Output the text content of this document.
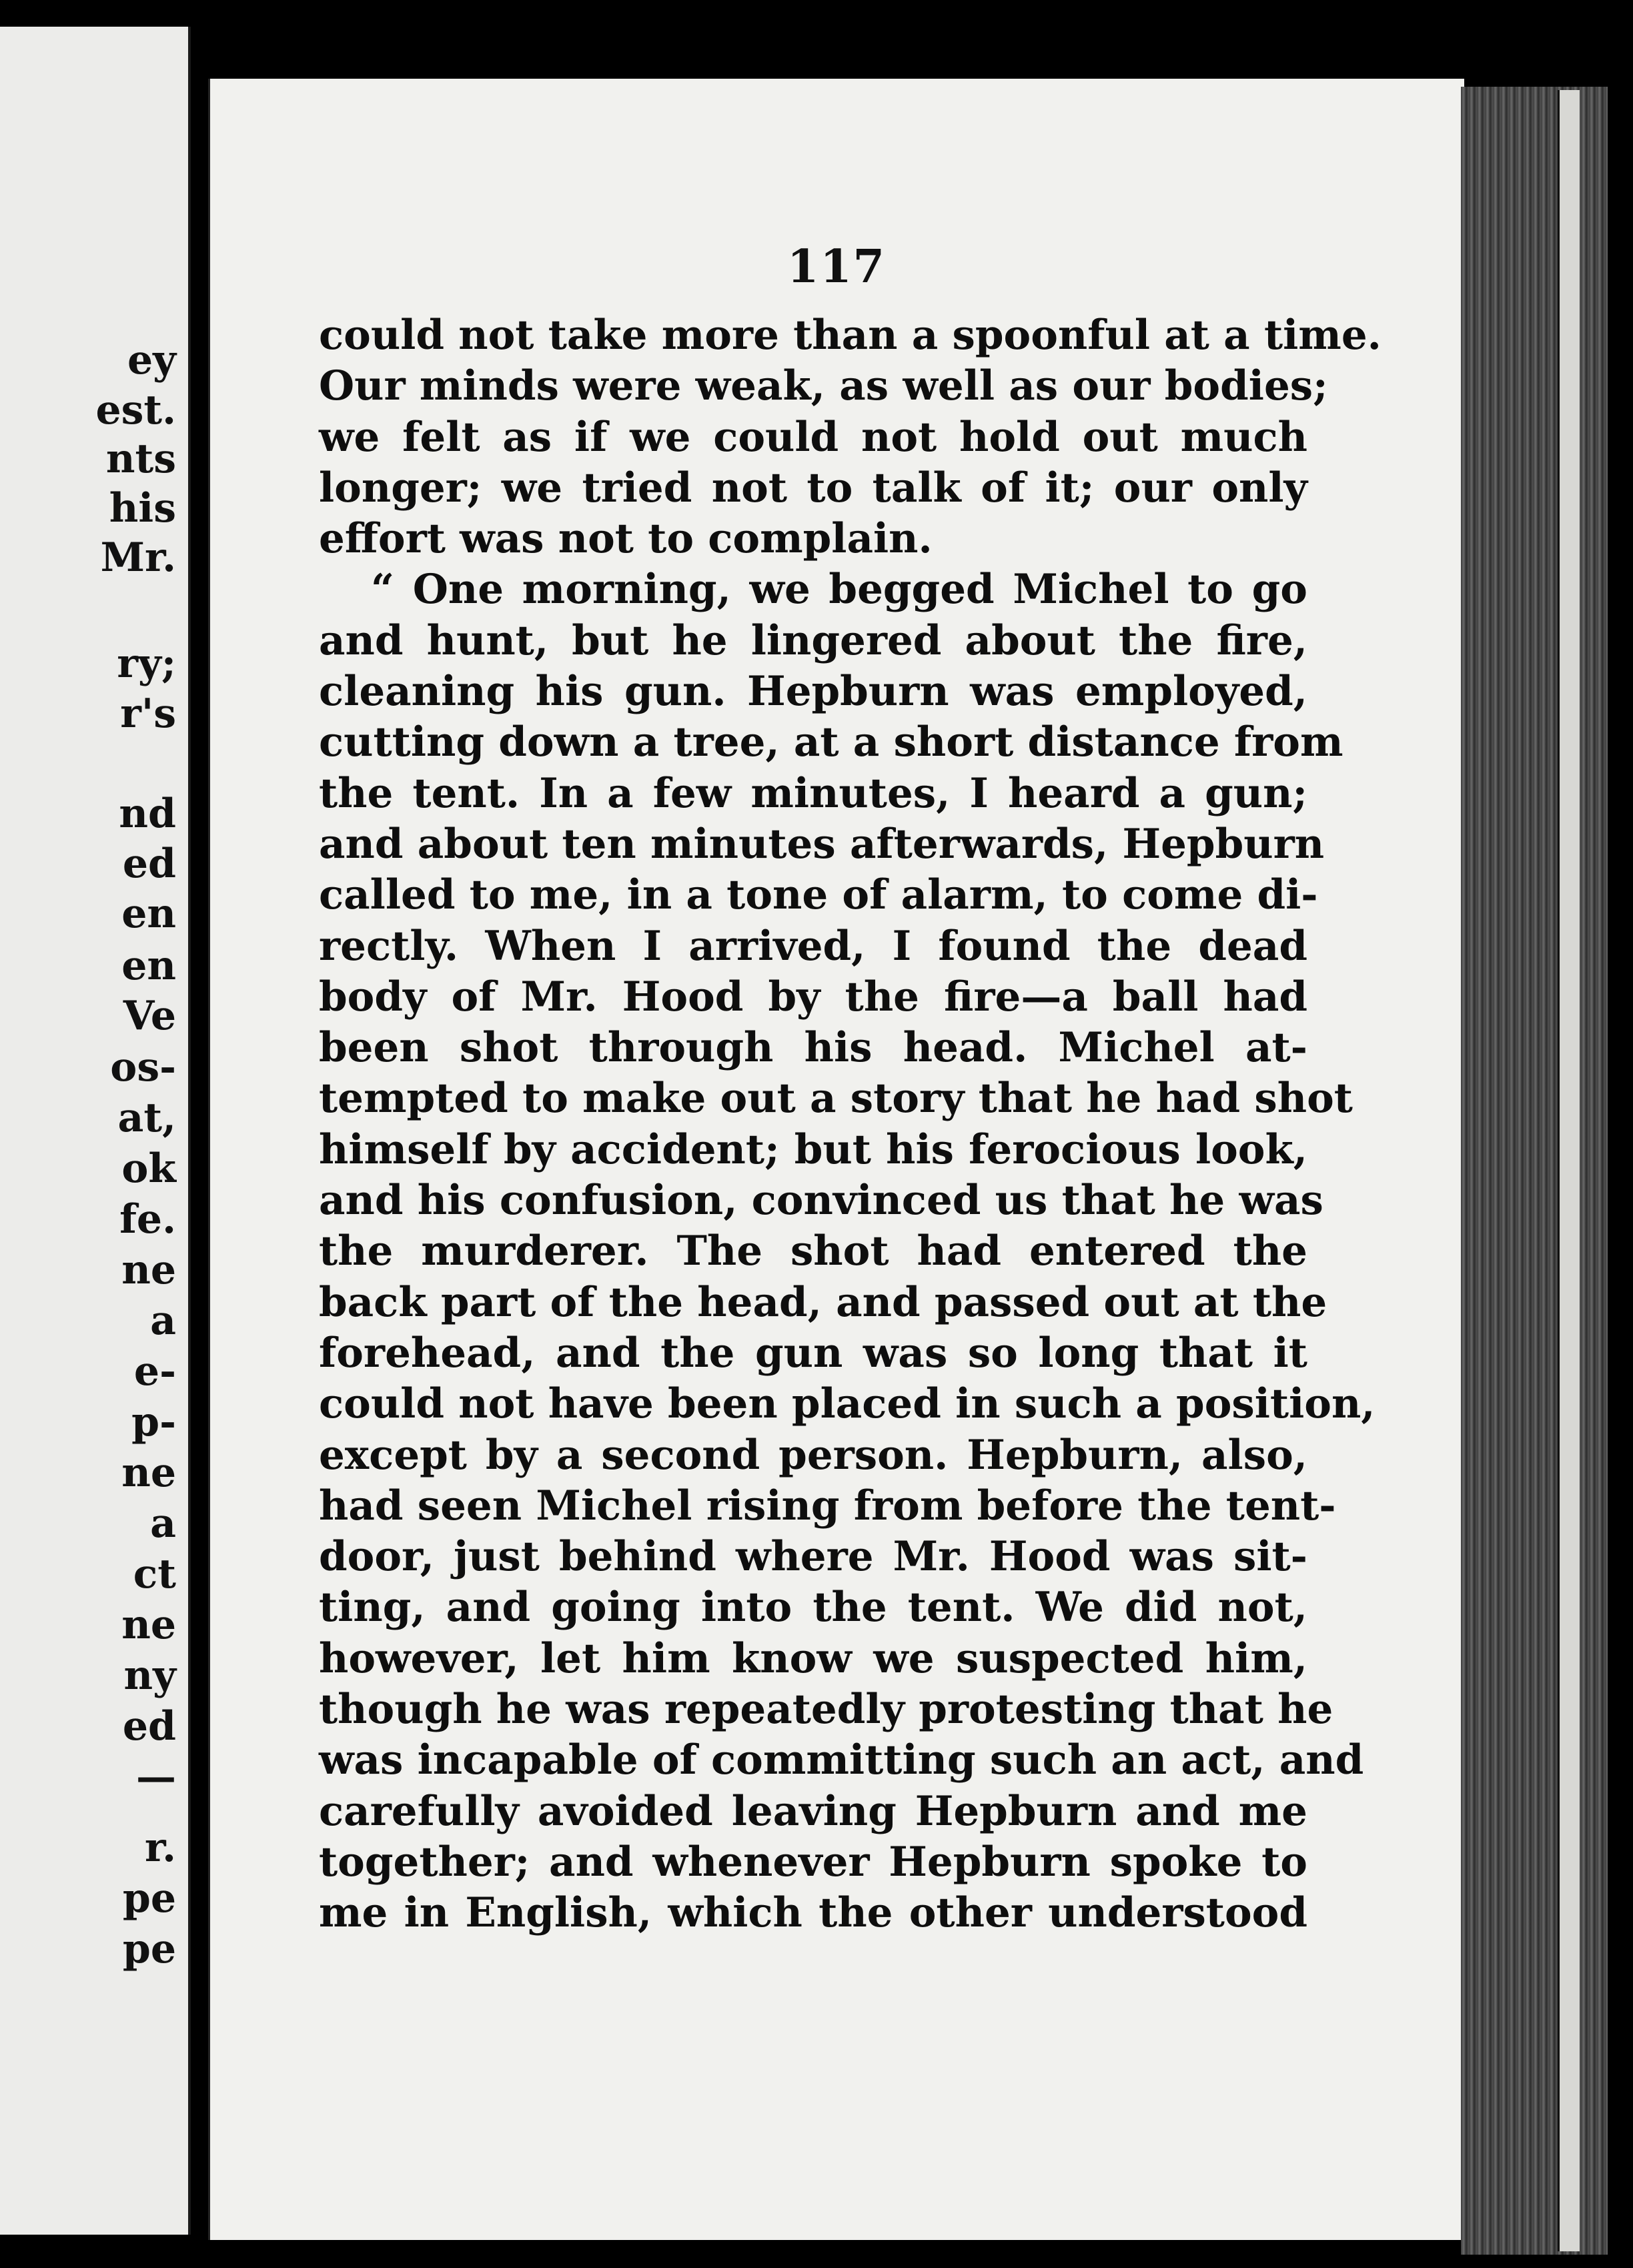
ey
est.
nts
his
Mr.
ry;
r's
nd
ed
en
en
Ve
os-
at,
ok
fe.
ne
a
e-
p-
ne
a
ct
ne
ny
ed
—
r.
pe
pe
117
could not take more than a spoonful at a time.
Our minds were weak, as well as our bodies;
we felt as if we could not hold out much
longer; we tried not to talk of it; our only
effort was not to complain.
“ One morning, we begged Michel to go
and hunt, but he lingered about the fire,
cleaning his gun. Hepburn was employed,
cutting down a tree, at a short distance from
the tent. In a few minutes, I heard a gun;
and about ten minutes afterwards, Hepburn
called to me, in a tone of alarm, to come di-
rectly. When I arrived, I found the dead
body of Mr. Hood by the fire—a ball had
been shot through his head. Michel at-
tempted to make out a story that he had shot
himself by accident; but his ferocious look,
and his confusion, convinced us that he was
the murderer. The shot had entered the
back part of the head, and passed out at the
forehead, and the gun was so long that it
could not have been placed in such a position,
except by a second person. Hepburn, also,
had seen Michel rising from before the tent-
door, just behind where Mr. Hood was sit-
ting, and going into the tent. We did not,
however, let him know we suspected him,
though he was repeatedly protesting that he
was incapable of committing such an act, and
carefully avoided leaving Hepburn and me
together; and whenever Hepburn spoke to
me in English, which the other understood
